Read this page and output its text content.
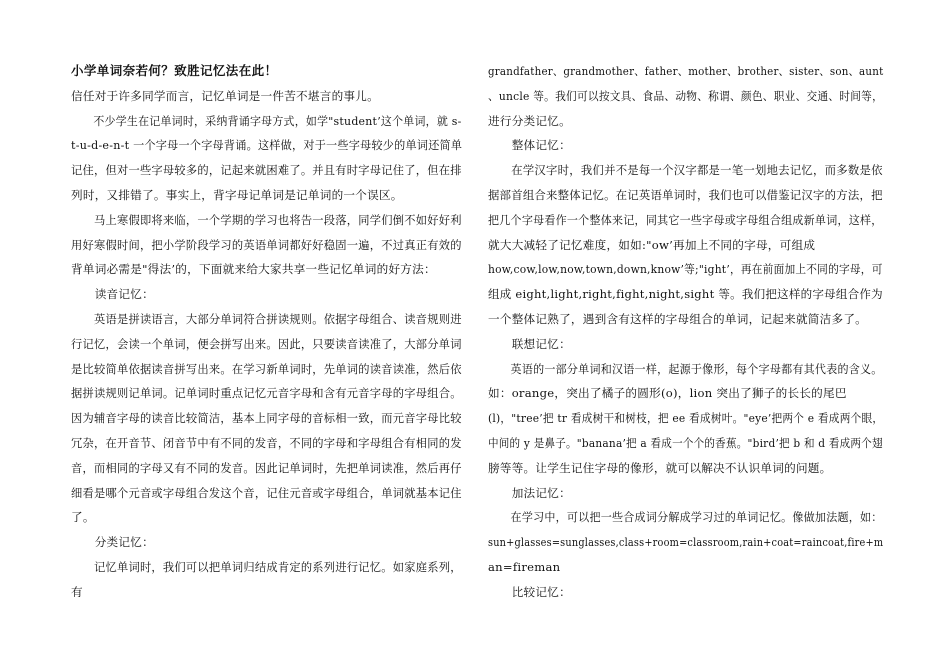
小学单词奈若何？致胜记忆法在此！
信任对于许多同学而言，记忆单词是一件苦不堪言的事儿。
　　不少学生在记单词时，采纳背诵字母方式，如学"student’这个单词，就 s-
t-u-d-e-n-t 一个字母一个字母背诵。这样做，对于一些字母较少的单词还简单
记住，但对一些字母较多的，记起来就困难了。并且有时字母记住了，但在排
列时，又排错了。事实上，背字母记单词是记单词的一个误区。
　　马上寒假即将来临，一个学期的学习也将告一段落，同学们倒不如好好利
用好寒假时间，把小学阶段学习的英语单词都好好稳固一遍，不过真正有效的
背单词必需是"得法’的，下面就来给大家共享一些记忆单词的好方法：
　　读音记忆：
　　英语是拼读语言，大部分单词符合拼读规则。依据字母组合、读音规则进
行记忆，会读一个单词，便会拼写出来。因此，只要读音读准了，大部分单词
是比较简单依据读音拼写出来。在学习新单词时，先单词的读音读准，然后依
据拼读规则记单词。记单词时重点记忆元音字母和含有元音字母的字母组合。
因为辅音字母的读音比较简洁，基本上同字母的音标相一致，而元音字母比较
冗杂，在开音节、闭音节中有不同的发音，不同的字母和字母组合有相同的发
音，而相同的字母又有不同的发音。因此记单词时，先把单词读准，然后再仔
细看是哪个元音或字母组合发这个音，记住元音或字母组合，单词就基本记住
了。
　　分类记忆：
　　记忆单词时，我们可以把单词归结成肯定的系列进行记忆。如家庭系列，
有
grandfather、grandmother、father、mother、brother、sister、son、aunt
、uncle 等。我们可以按文具、食品、动物、称谓、颜色、职业、交通、时间等，
进行分类记忆。
　　整体记忆：
　　在学汉字时，我们并不是每一个汉字都是一笔一划地去记忆，而多数是依
据部首组合来整体记忆。在记英语单词时，我们也可以借鉴记汉字的方法，把
把几个字母看作一个整体来记，同其它一些字母或字母组合组成新单词，这样，
就大大减轻了记忆难度，如如:"ow’再加上不同的字母，可组成
how,cow,low,now,town,down,know’等;"ight’，再在前面加上不同的字母，可
组成 eight,light,right,fight,night,sight 等。我们把这样的字母组合作为
一个整体记熟了，遇到含有这样的字母组合的单词，记起来就简洁多了。
　　联想记忆：
　　英语的一部分单词和汉语一样，起源于像形，每个字母都有其代表的含义。
如：orange，突出了橘子的圆形(o)，lion 突出了狮子的长长的尾巴
(l)，"tree’把 tr 看成树干和树枝，把 ee 看成树叶。"eye’把两个 e 看成两个眼，
中间的 y 是鼻子。"banana’把 a 看成一个个的香蕉。"bird’把 b 和 d 看成两个翅
膀等等。让学生记住字母的像形，就可以解决不认识单词的问题。
　　加法记忆：
　　在学习中，可以把一些合成词分解成学习过的单词记忆。像做加法题，如：
sun+glasses=sunglasses,class+room=classroom,rain+coat=raincoat,fire+m
an=fireman
　　比较记忆：
